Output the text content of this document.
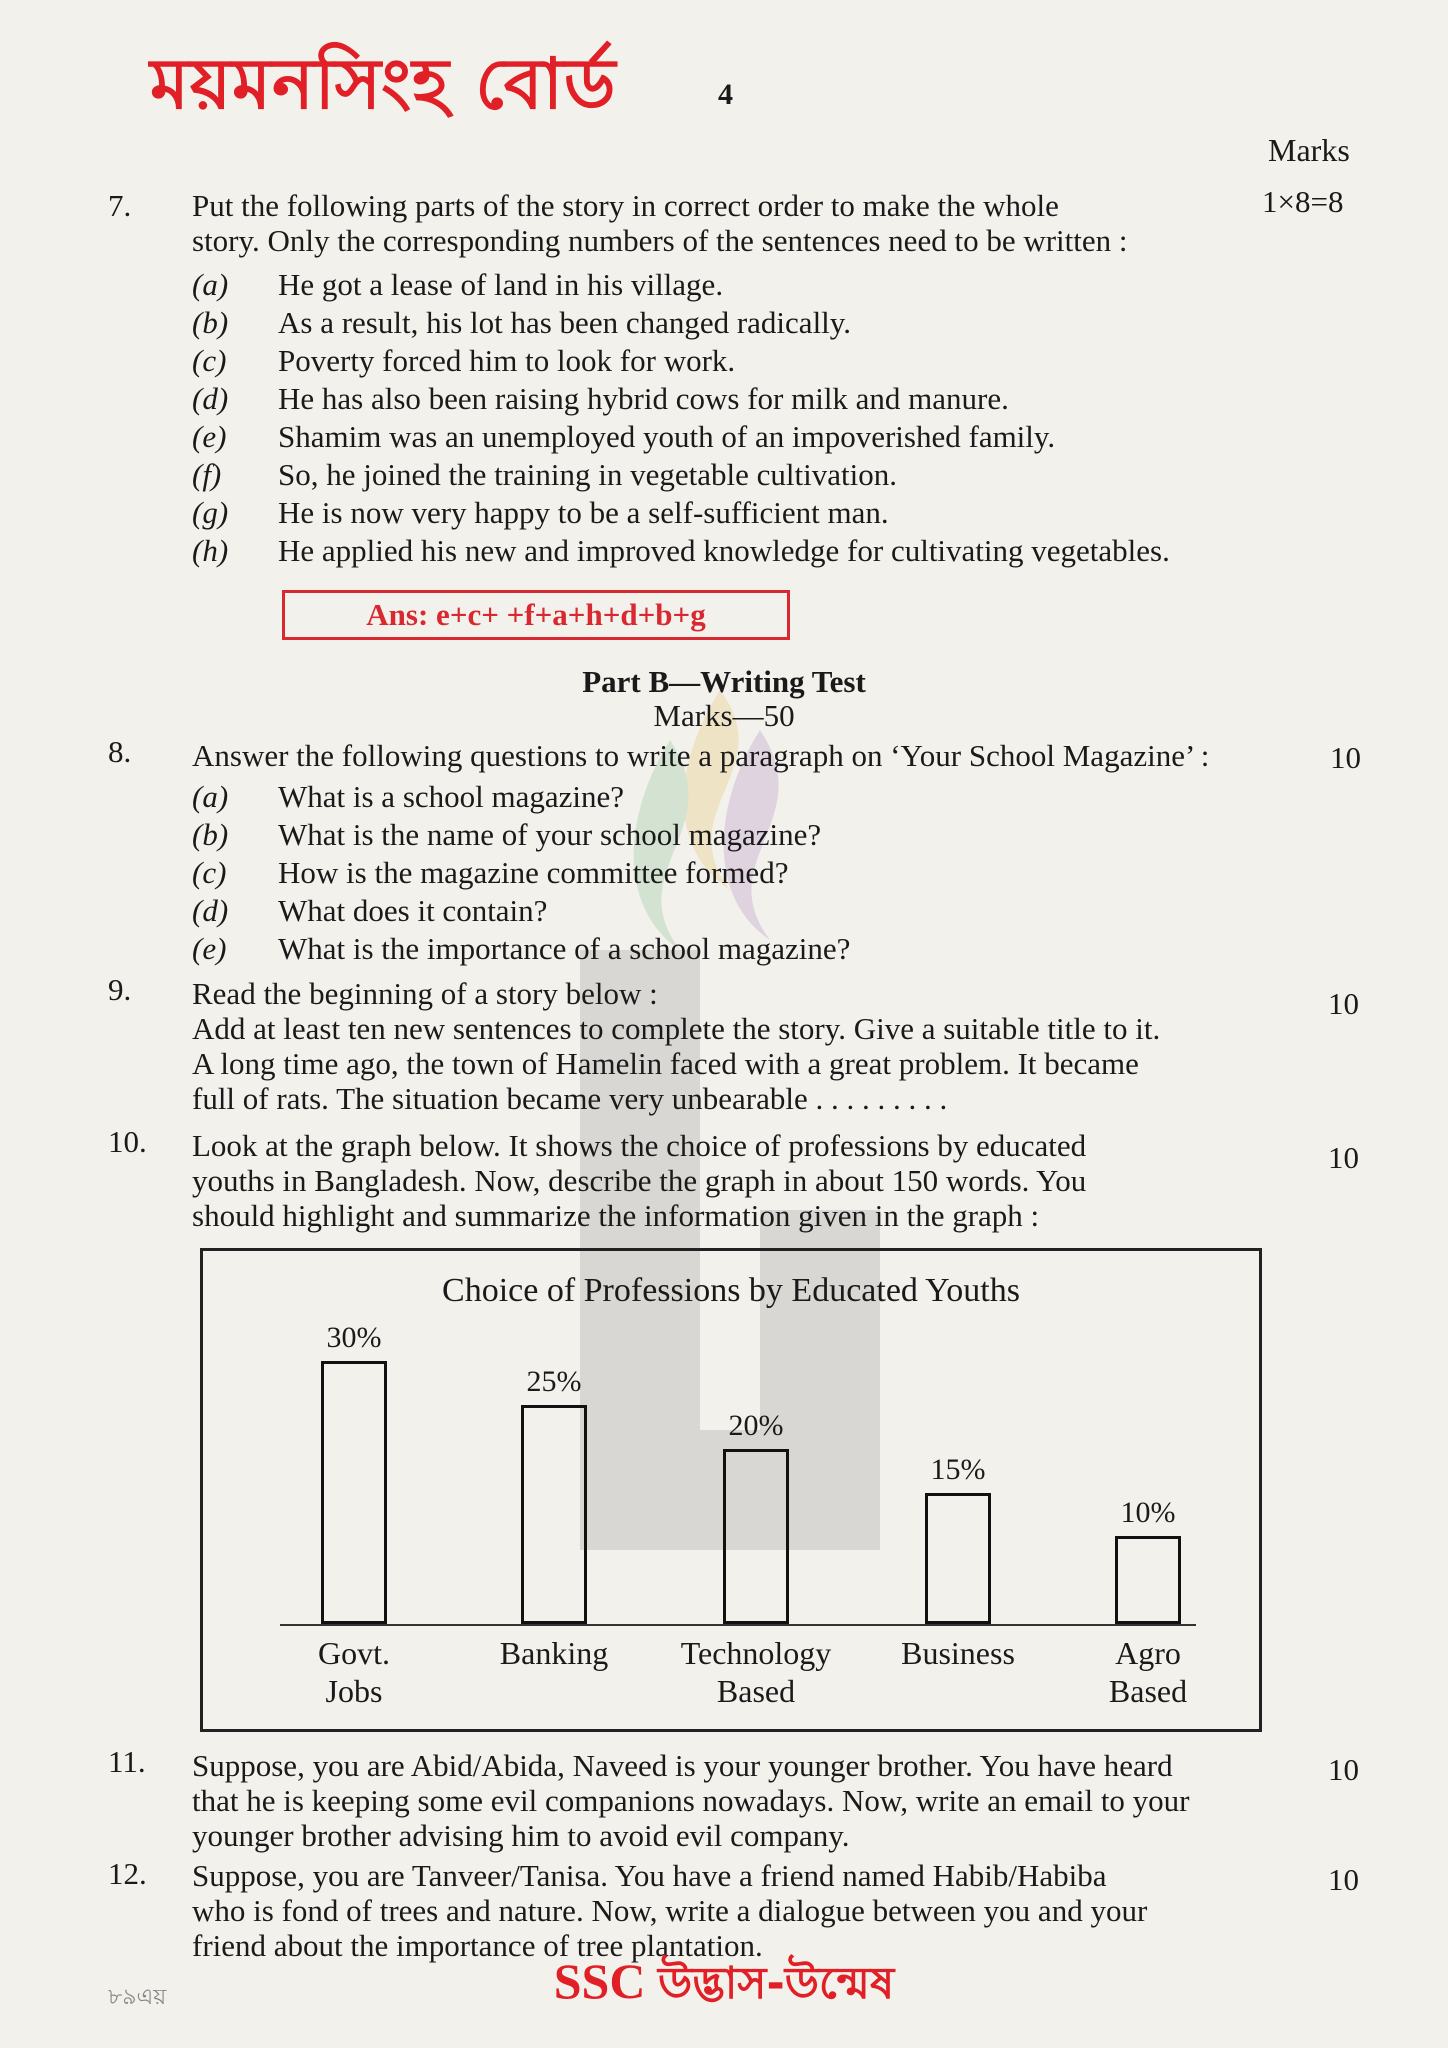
ময়মনসিংহ বোর্ড	4
Marks
7.	1×8=8
Put the following parts of the story in correct order to make the whole
story. Only the corresponding numbers of the sentences need to be written :
(a) He got a lease of land in his village.
(b) As a result, his lot has been changed radically.
(c) Poverty forced him to look for work.
(d) He has also been raising hybrid cows for milk and manure.
(e) Shamim was an unemployed youth of an impoverished family.
(f) So, he joined the training in vegetable cultivation.
(g) He is now very happy to be a self-sufficient man.
(h) He applied his new and improved knowledge for cultivating vegetables.
Ans: e+c+ +f+a+h+d+b+g
Part B—Writing Test
Marks—50
8.	10
Answer the following questions to write a paragraph on ‘Your School Magazine’ :
(a) What is a school magazine?
(b) What is the name of your school magazine?
(c) How is the magazine committee formed?
(d) What does it contain?
(e) What is the importance of a school magazine?
9.	10
Read the beginning of a story below :
Add at least ten new sentences to complete the story. Give a suitable title to it.
A long time ago, the town of Hamelin faced with a great problem. It became
full of rats. The situation became very unbearable . . . . . . . . .
10.	10
Look at the graph below. It shows the choice of professions by educated
youths in Bangladesh. Now, describe the graph in about 150 words. You
should highlight and summarize the information given in the graph :
Choice of Professions by Educated Youths
30%
Govt.
Jobs
25%
Banking

20%
Technology
Based
15%
Business

10%
Agro
Based
11.	10
Suppose, you are Abid/Abida, Naveed is your younger brother. You have heard
that he is keeping some evil companions nowadays. Now, write an email to your
younger brother advising him to avoid evil company.
12.	10
Suppose, you are Tanveer/Tanisa. You have a friend named Habib/Habiba
who is fond of trees and nature. Now, write a dialogue between you and your
friend about the importance of tree plantation.
SSC উদ্ভাস-উন্মেষ
৮৯এয়
